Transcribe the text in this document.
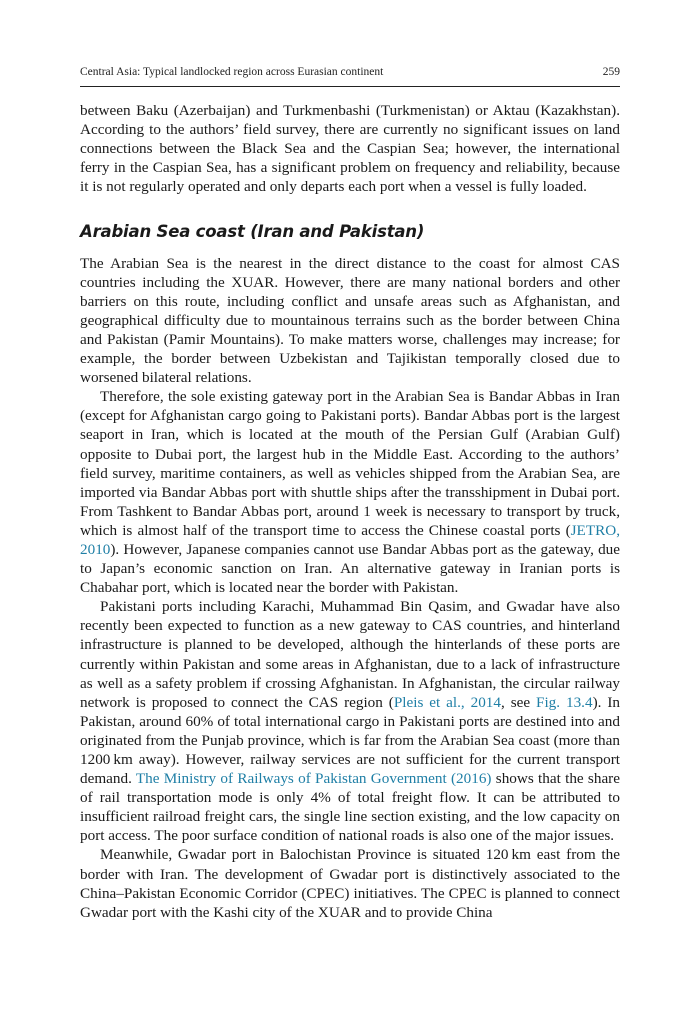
Central Asia: Typical landlocked region across Eurasian continent	259

between Baku (Azerbaijan) and Turkmenbashi (Turkmenistan) or Aktau (Kazakhstan). According to the authors’ field survey, there are currently no significant issues on land connections between the Black Sea and the Caspian Sea; however, the international ferry in the Caspian Sea, has a significant problem on frequency and reliability, because it is not regularly operated and only departs each port when a vessel is fully loaded.

Arabian Sea coast (Iran and Pakistan)

The Arabian Sea is the nearest in the direct distance to the coast for almost CAS countries including the XUAR. However, there are many national borders and other barriers on this route, including conflict and unsafe areas such as Afghanistan, and geographical difficulty due to mountainous terrains such as the border between China and Pakistan (Pamir Mountains). To make matters worse, challenges may increase; for example, the border between Uzbekistan and Tajikistan temporally closed due to worsened bilateral relations.

Therefore, the sole existing gateway port in the Arabian Sea is Bandar Abbas in Iran (except for Afghanistan cargo going to Pakistani ports). Bandar Abbas port is the largest seaport in Iran, which is located at the mouth of the Persian Gulf (Arabian Gulf) opposite to Dubai port, the largest hub in the Middle East. According to the authors’ field survey, maritime containers, as well as vehicles shipped from the Arabian Sea, are imported via Bandar Abbas port with shuttle ships after the transshipment in Dubai port. From Tashkent to Bandar Abbas port, around 1 week is necessary to transport by truck, which is almost half of the transport time to access the Chinese coastal ports (JETRO, 2010). However, Japanese companies cannot use Bandar Abbas port as the gateway, due to Japan’s economic sanction on Iran. An alternative gateway in Iranian ports is Chabahar port, which is located near the border with Pakistan.

Pakistani ports including Karachi, Muhammad Bin Qasim, and Gwadar have also recently been expected to function as a new gateway to CAS countries, and hinterland infrastructure is planned to be developed, although the hinterlands of these ports are currently within Pakistan and some areas in Afghanistan, due to a lack of infrastructure as well as a safety problem if crossing Afghanistan. In Afghanistan, the circular railway network is proposed to connect the CAS region (Pleis et al., 2014, see Fig. 13.4). In Pakistan, around 60% of total international cargo in Pakistani ports are destined into and originated from the Punjab province, which is far from the Arabian Sea coast (more than 1200 km away). However, railway services are not sufficient for the current transport demand. The Ministry of Railways of Pakistan Government (2016) shows that the share of rail transportation mode is only 4% of total freight flow. It can be attributed to insufficient railroad freight cars, the single line section existing, and the low capacity on port access. The poor surface condition of national roads is also one of the major issues.

Meanwhile, Gwadar port in Balochistan Province is situated 120 km east from the border with Iran. The development of Gwadar port is distinctively associated to the China–Pakistan Economic Corridor (CPEC) initiatives. The CPEC is planned to connect Gwadar port with the Kashi city of the XUAR and to provide China
